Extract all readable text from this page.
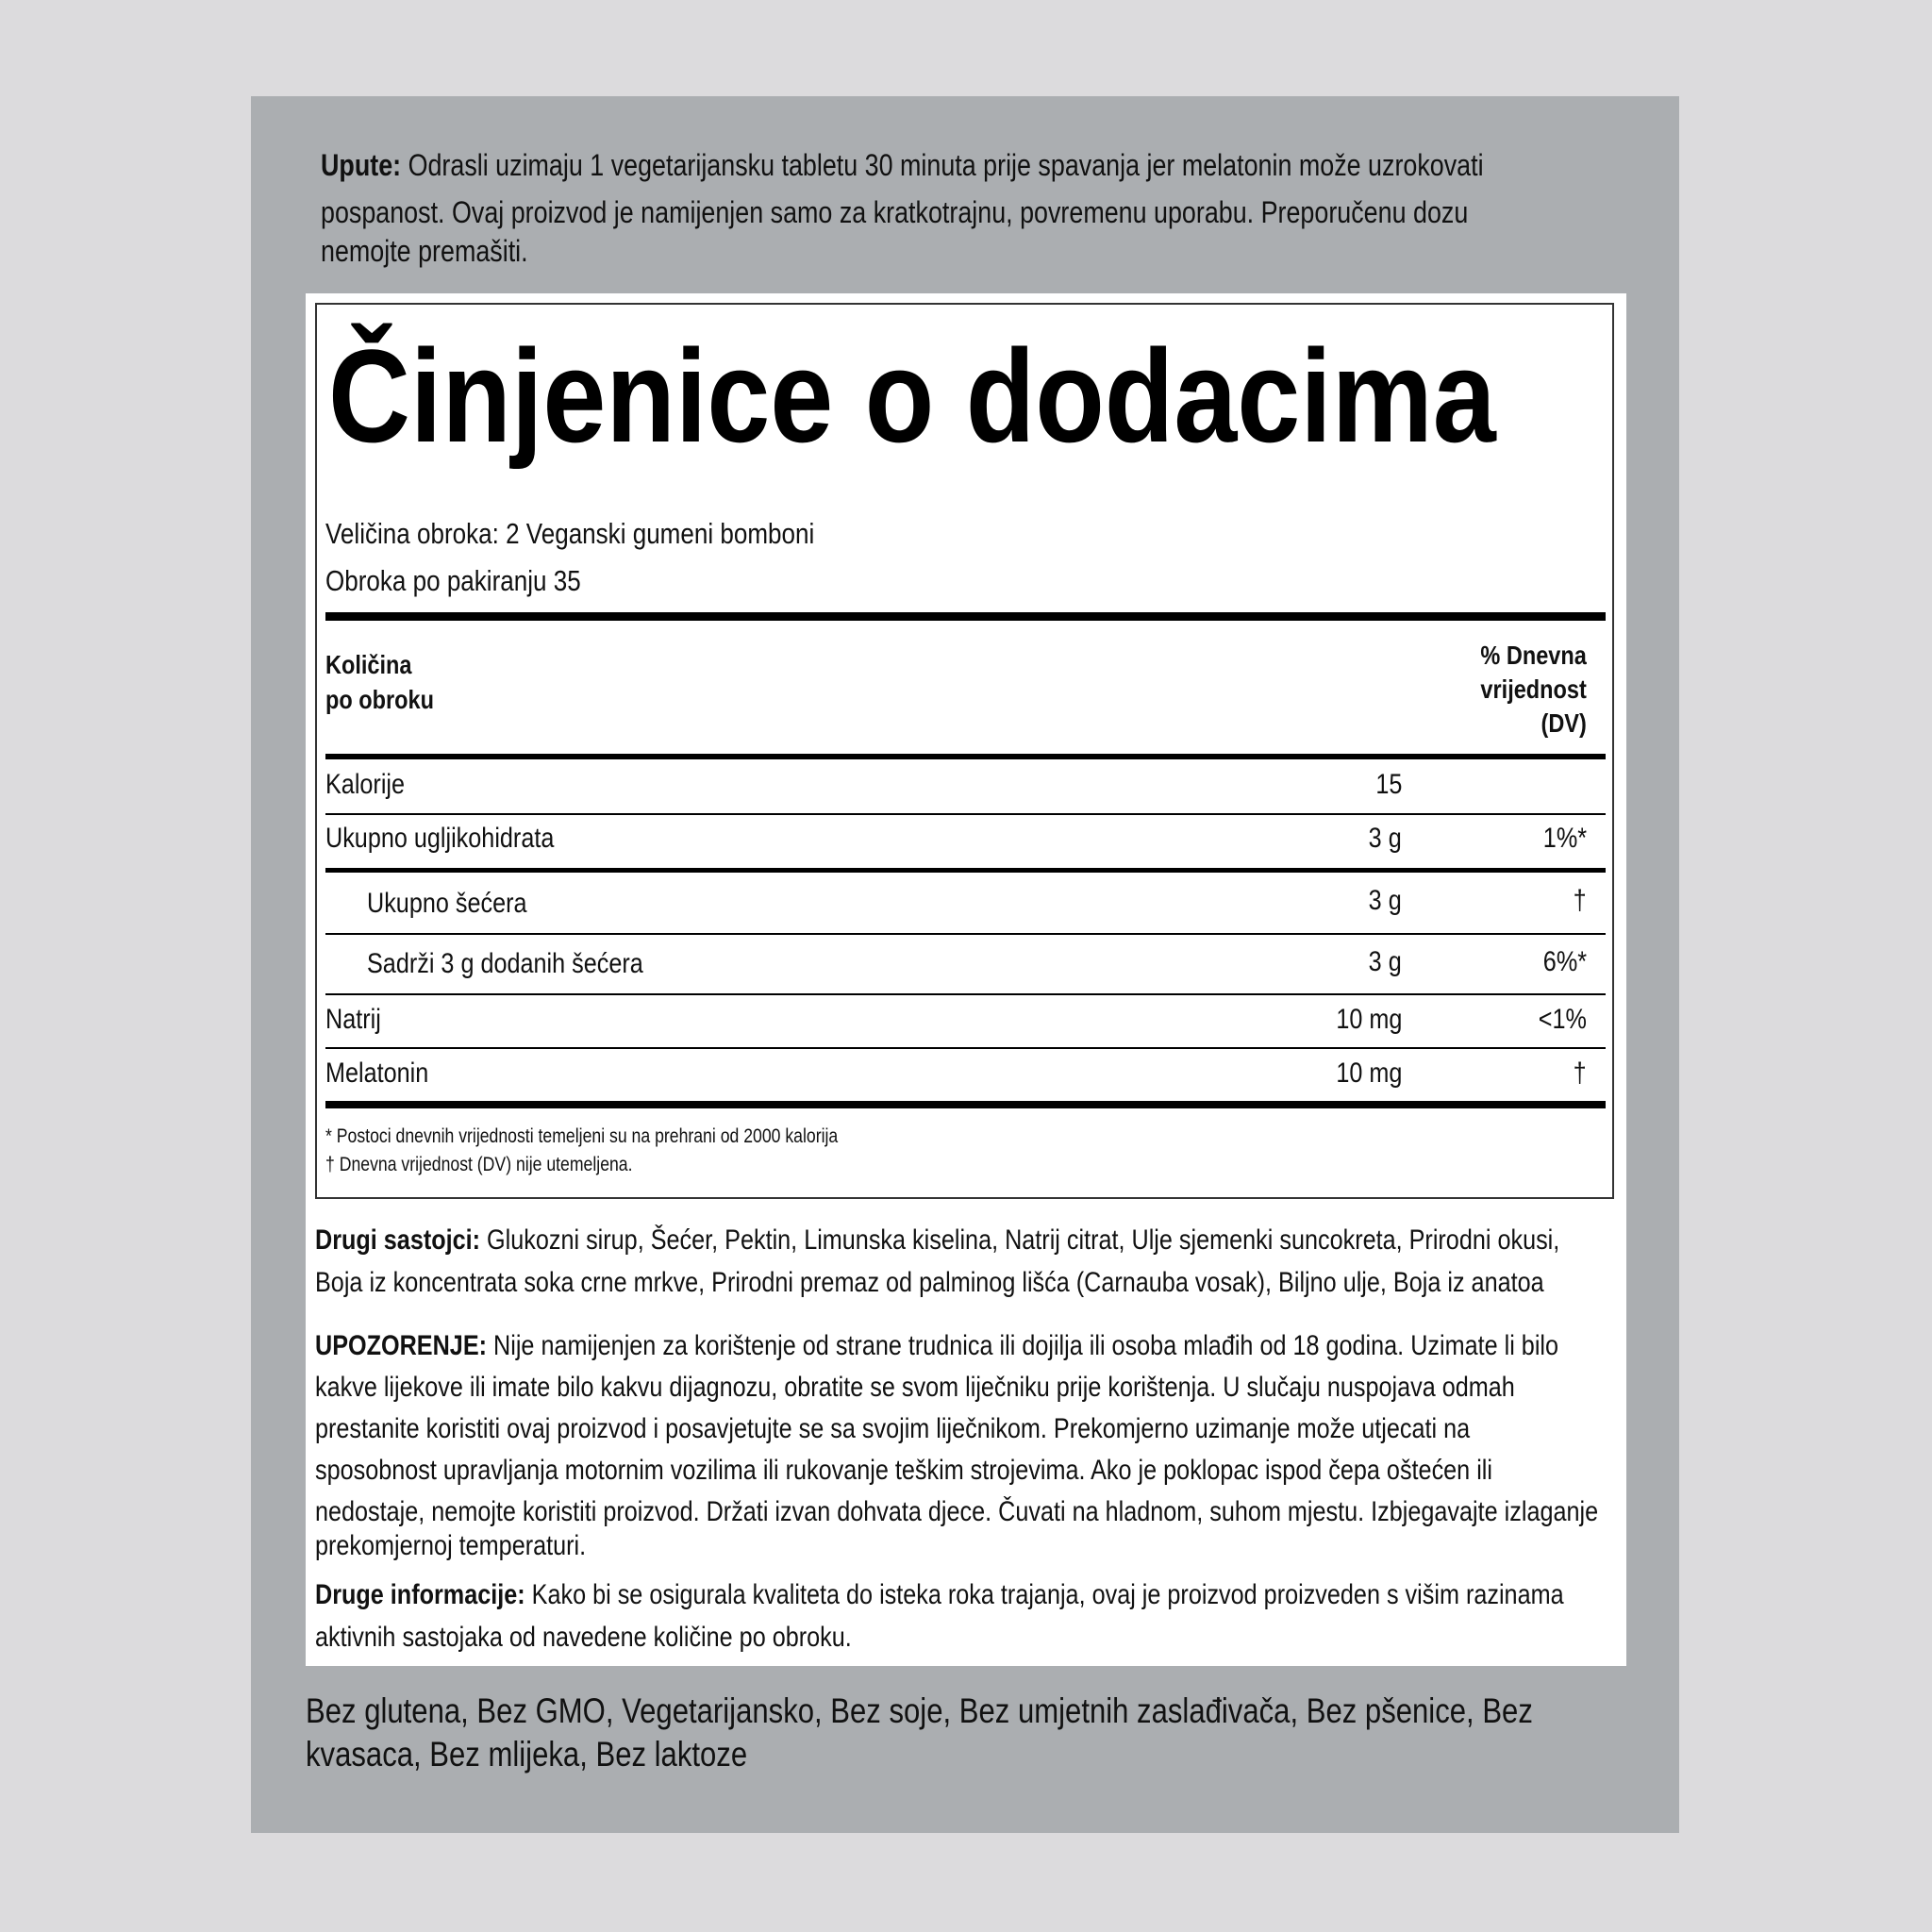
Upute: Odrasli uzimaju 1 vegetarijansku tabletu 30 minuta prije spavanja jer melatonin može uzrokovati
pospanost. Ovaj proizvod je namijenjen samo za kratkotrajnu, povremenu uporabu. Preporučenu dozu
nemojte premašiti.
Činjenice o dodacima
Veličina obroka: 2 Veganski gumeni bomboni
Obroka po pakiranju 35
Količina
po obroku
% Dnevna
vrijednost
(DV)
Kalorije	15
Ukupno ugljikohidrata	3 g	1%*
Ukupno šećera	3 g	†
Sadrži 3 g dodanih šećera	3 g	6%*
Natrij	10 mg	<1%
Melatonin	10 mg	†
* Postoci dnevnih vrijednosti temeljeni su na prehrani od 2000 kalorija
† Dnevna vrijednost (DV) nije utemeljena.
Drugi sastojci: Glukozni sirup, Šećer, Pektin, Limunska kiselina, Natrij citrat, Ulje sjemenki suncokreta, Prirodni okusi,
Boja iz koncentrata soka crne mrkve, Prirodni premaz od palminog lišća (Carnauba vosak), Biljno ulje, Boja iz anatoa
UPOZORENJE: Nije namijenjen za korištenje od strane trudnica ili dojilja ili osoba mlađih od 18 godina. Uzimate li bilo
kakve lijekove ili imate bilo kakvu dijagnozu, obratite se svom liječniku prije korištenja. U slučaju nuspojava odmah
prestanite koristiti ovaj proizvod i posavjetujte se sa svojim liječnikom. Prekomjerno uzimanje može utjecati na
sposobnost upravljanja motornim vozilima ili rukovanje teškim strojevima. Ako je poklopac ispod čepa oštećen ili
nedostaje, nemojte koristiti proizvod. Držati izvan dohvata djece. Čuvati na hladnom, suhom mjestu. Izbjegavajte izlaganje
prekomjernoj temperaturi.
Druge informacije: Kako bi se osigurala kvaliteta do isteka roka trajanja, ovaj je proizvod proizveden s višim razinama
aktivnih sastojaka od navedene količine po obroku.
Bez glutena, Bez GMO, Vegetarijansko, Bez soje, Bez umjetnih zaslađivača, Bez pšenice, Bez
kvasaca, Bez mlijeka, Bez laktoze
